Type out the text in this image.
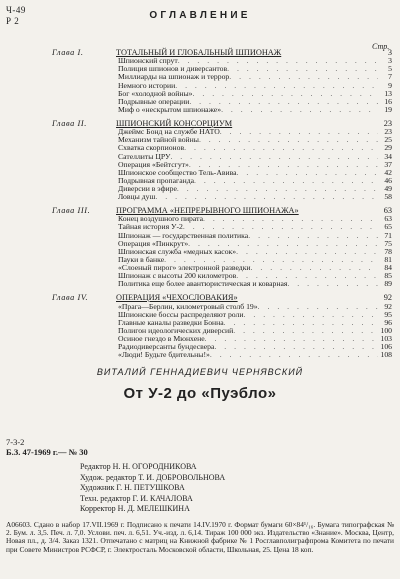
Ч-49
Р 2	ОГЛАВЛЕНИЕ
Стр.
Глава I.	ТОТАЛЬНЫЙ И ГЛОБАЛЬНЫЙ ШПИОНАЖ	3
Шпионский спрут . . .	3
Полиция шпионов и диверсантов . . .	5
Миллиарды на шпионаж и террор . . .	7
Немного истории . . .	9
Бог «холодной войны» . . .	13
Подрывные операции . . .	16
Миф о «нескрытом шпионаже» . . .	19
Глава II.	ШПИОНСКИЙ КОНСОРЦИУМ	23
Джеймс Бонд на службе НАТО . . .	23
Механизм тайной войны . . .	25
Схватка скорпионов . . .	29
Сателлиты ЦРУ . . .	34
Операция «Бейтсгут» . . .	37
Шпионское сообщество Тель-Авива . . .	42
Подрывная пропаганда . . .	46
Диверсии в эфире . . .	49
Ловцы душ . . .	58
Глава III.	ПРОГРАММА «НЕПРЕРЫВНОГО ШПИОНАЖА»	63
Конец воздушного пирата . . .	63
Тайная история У-2 . . .	65
Шпионаж — государственная политика . . .	71
Операция «Пинкрут» . . .	75
Шпионская служба «медных касок» . . .	78
Пауки в банке . . .	81
«Слоеный пирог» электронной разведки . . .	84
Шпионаж с высоты 200 километров . . .	85
Политика еще более авантюристическая и коварная . . .	89
Глава IV.	ОПЕРАЦИЯ «ЧЕХОСЛОВАКИЯ»	92
«Прага—Берлин, километровый столб 19» . . .	92
Шпионские боссы распределяют роли . . .	95
Главные каналы разведки Бонна . . .	96
Полигон идеологических диверсий . . .	100
Осиное гнездо в Мюнхене . . .	103
Радиодиверсанты бундесвера . . .	106
«Люди! Будьте бдительны!» . . .	108
ВИТАЛИЙ ГЕННАДИЕВИЧ ЧЕРНЯВСКИЙ
От У-2 до «Пуэбло»
7-3-2
Б.З. 47-1969 г.— № 30
Редактор Н. Н. ОГОРОДНИКОВА
Худож. редактор Т. И. ДОБРОВОЛЬНОВА
Художник Г. Н. ПЕТУШКОВА
Техн. редактор Г. И. КАЧАЛОВА
Корректор Н. Д. МЕЛЕШКИНА
А06603. Сдано в набор 17.VII.1969 г. Подписано к печати 14.IV.1970 г. Формат бумаги 60×84¹/₁₆. Бумага типографская № 2. Бум. л. 3,5. Печ. л. 7,0. Услови. печ. л. 6,51. Уч.-изд. л. 6,14. Тираж 100 000 экз. Издательство «Знание». Москва, Центр, Новая пл., д. 3/4. Заказ 1321. Отпечатано с матриц на Книжной фабрике № 1 Росглавполиграфпрома Комитета по печати при Совете Министров РСФСР, г. Электросталь Московской области, Школьная, 25. Цена 18 коп.
